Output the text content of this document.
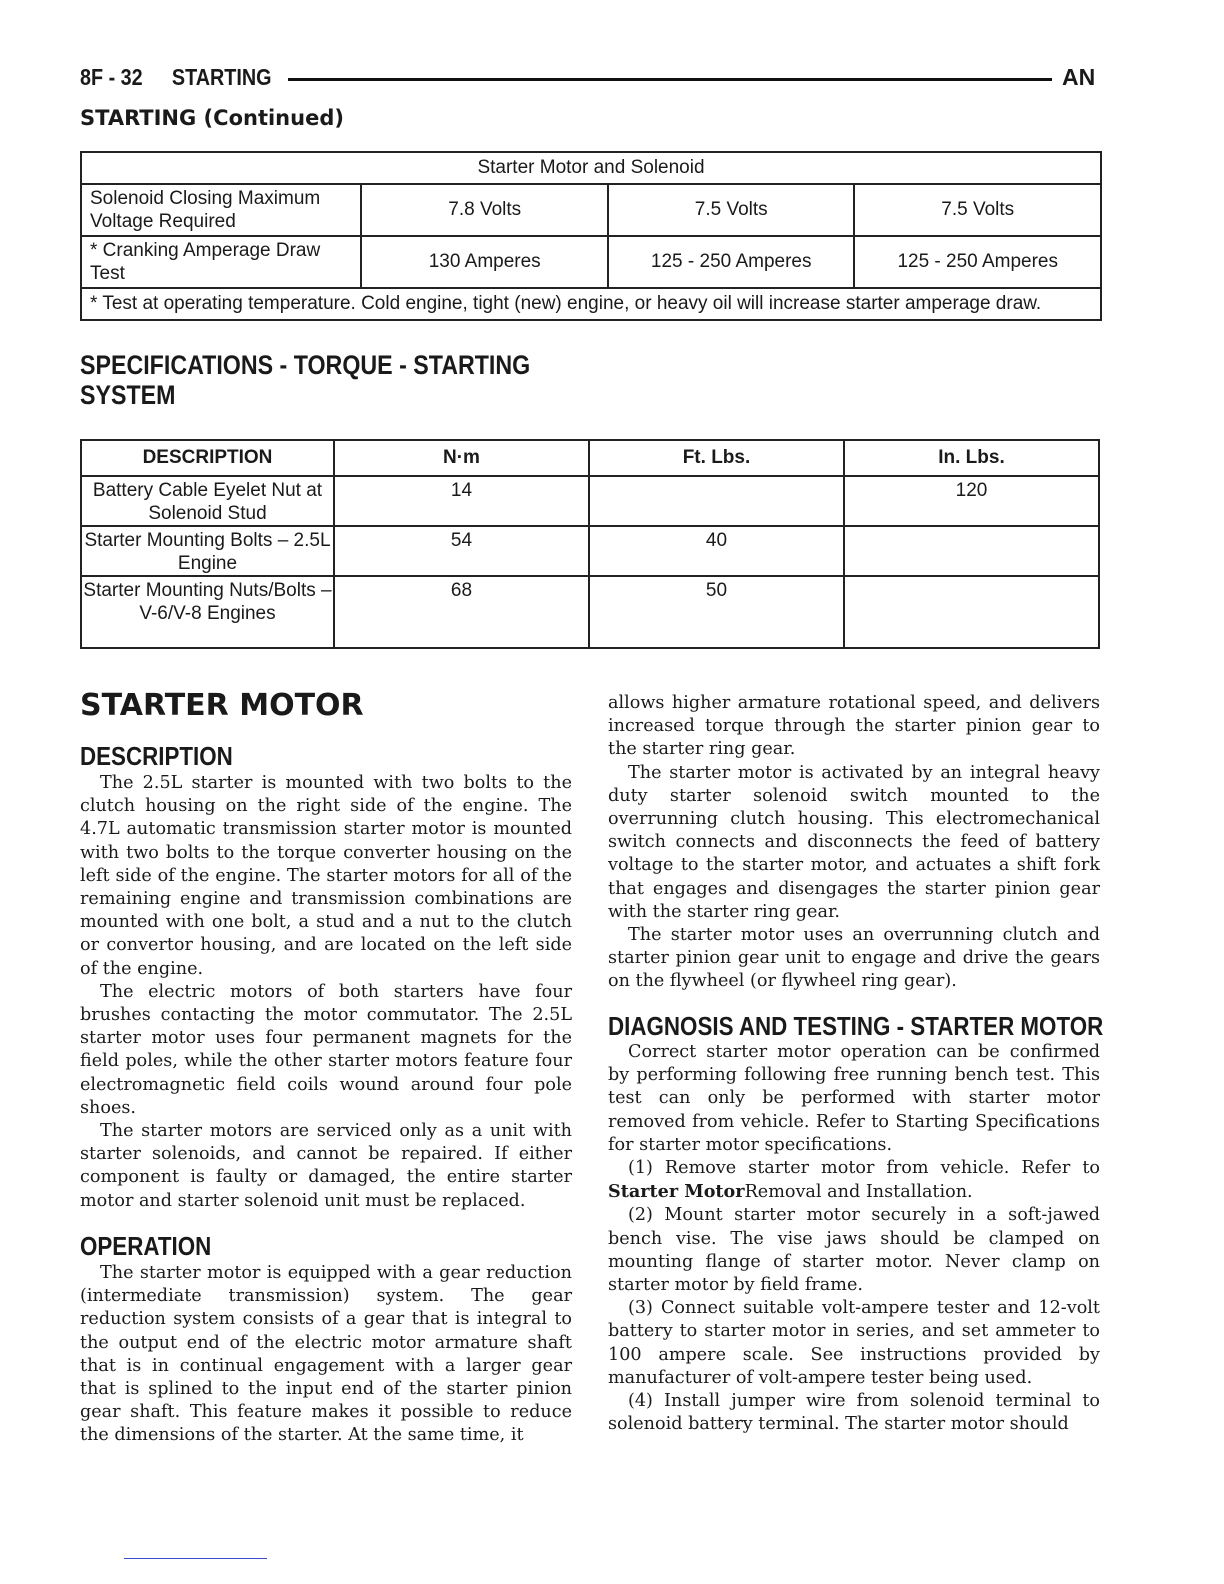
8F - 32 STARTING	AN
STARTING (Continued)
Starter Motor and Solenoid			
Solenoid Closing Maximum Voltage Required	7.8 Volts	7.5 Volts	7.5 Volts
* Cranking Amperage Draw Test	130 Amperes	125 - 250 Amperes	125 - 250 Amperes
* Test at operating temperature. Cold engine, tight (new) engine, or heavy oil will increase starter amperage draw.			
SPECIFICATIONS - TORQUE - STARTING
SYSTEM
DESCRIPTION	N·m	Ft. Lbs.	In. Lbs.
Battery Cable Eyelet Nut at Solenoid Stud	14		120
Starter Mounting Bolts – 2.5L Engine	54	40	
Starter Mounting Nuts/Bolts – V-6/V-8 Engines	68	50	
STARTER MOTOR
DESCRIPTION

The 2.5L starter is mounted with two bolts to the clutch housing on the right side of the engine. The 4.7L automatic transmission starter motor is mounted with two bolts to the torque converter housing on the left side of the engine. The starter motors for all of the remaining engine and transmission combinations are mounted with one bolt, a stud and a nut to the clutch or convertor housing, and are located on the left side of the engine.

The electric motors of both starters have four brushes contacting the motor commutator. The 2.5L starter motor uses four permanent magnets for the field poles, while the other starter motors feature four electromagnetic field coils wound around four pole shoes.

The starter motors are serviced only as a unit with starter solenoids, and cannot be repaired. If either component is faulty or damaged, the entire starter motor and starter solenoid unit must be replaced.

OPERATION

The starter motor is equipped with a gear reduction (intermediate transmission) system. The gear reduction system consists of a gear that is integral to the output end of the electric motor armature shaft that is in continual engagement with a larger gear that is splined to the input end of the starter pinion gear shaft. This feature makes it possible to reduce the dimensions of the starter. At the same time, it

allows higher armature rotational speed, and delivers increased torque through the starter pinion gear to the starter ring gear.

The starter motor is activated by an integral heavy duty starter solenoid switch mounted to the overrunning clutch housing. This electromechanical switch connects and disconnects the feed of battery voltage to the starter motor, and actuates a shift fork that engages and disengages the starter pinion gear with the starter ring gear.

The starter motor uses an overrunning clutch and starter pinion gear unit to engage and drive the gears on the flywheel (or flywheel ring gear).

DIAGNOSIS AND TESTING - STARTER MOTOR

Correct starter motor operation can be confirmed by performing following free running bench test. This test can only be performed with starter motor removed from vehicle. Refer to Starting Specifications for starter motor specifications.

(1) Remove starter motor from vehicle. Refer to Starter MotorRemoval and Installation.

(2) Mount starter motor securely in a soft-jawed bench vise. The vise jaws should be clamped on mounting flange of starter motor. Never clamp on starter motor by field frame.

(3) Connect suitable volt-ampere tester and 12-volt battery to starter motor in series, and set ammeter to 100 ampere scale. See instructions provided by manufacturer of volt-ampere tester being used.

(4) Install jumper wire from solenoid terminal to solenoid battery terminal. The starter motor should
